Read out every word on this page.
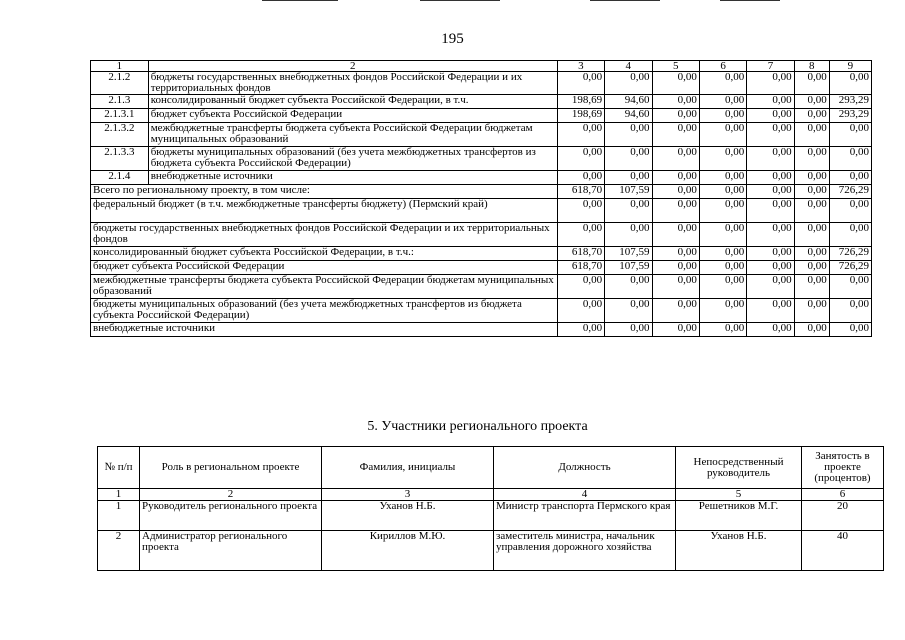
195
1	2	3	4	5	6	7	8	9
2.1.2	бюджеты государственных внебюджетных фондов Российской Федерации и их территориальных фондов	0,00	0,00	0,00	0,00	0,00	0,00	0,00
2.1.3	консолидированный бюджет субъекта Российской Федерации, в т.ч.	198,69	94,60	0,00	0,00	0,00	0,00	293,29
2.1.3.1	бюджет субъекта Российской Федерации	198,69	94,60	0,00	0,00	0,00	0,00	293,29
2.1.3.2	межбюджетные трансферты бюджета субъекта Российской Федерации бюджетам муниципальных образований	0,00	0,00	0,00	0,00	0,00	0,00	0,00
2.1.3.3	бюджеты муниципальных образований (без учета межбюджетных трансфертов из бюджета субъекта Российской Федерации)	0,00	0,00	0,00	0,00	0,00	0,00	0,00
2.1.4	внебюджетные источники	0,00	0,00	0,00	0,00	0,00	0,00	0,00
Всего по региональному проекту, в том числе:		618,70	107,59	0,00	0,00	0,00	0,00	726,29
федеральный бюджет (в т.ч. межбюджетные трансферты бюджету) (Пермский край)		0,00	0,00	0,00	0,00	0,00	0,00	0,00
бюджеты государственных внебюджетных фондов Российской Федерации и их территориальных фондов		0,00	0,00	0,00	0,00	0,00	0,00	0,00
консолидированный бюджет субъекта Российской Федерации, в т.ч.:		618,70	107,59	0,00	0,00	0,00	0,00	726,29
бюджет субъекта Российской Федерации		618,70	107,59	0,00	0,00	0,00	0,00	726,29
межбюджетные трансферты бюджета субъекта Российской Федерации бюджетам муниципальных образований		0,00	0,00	0,00	0,00	0,00	0,00	0,00
бюджеты муниципальных образований (без учета межбюджетных трансфертов из бюджета субъекта Российской Федерации)		0,00	0,00	0,00	0,00	0,00	0,00	0,00
внебюджетные источники		0,00	0,00	0,00	0,00	0,00	0,00	0,00
5. Участники регионального проекта
№ п/п	Роль в региональном проекте	Фамилия, инициалы	Должность	Непосредственный руководитель	Занятость в проекте (процентов)
1	2	3	4	5	6
1	Руководитель регионального проекта	Уханов Н.Б.	Министр транспорта Пермского края	Решетников М.Г.	20
2	Администратор регионального проекта	Кириллов М.Ю.	заместитель министра, начальник управления дорожного хозяйства	Уханов Н.Б.	40
